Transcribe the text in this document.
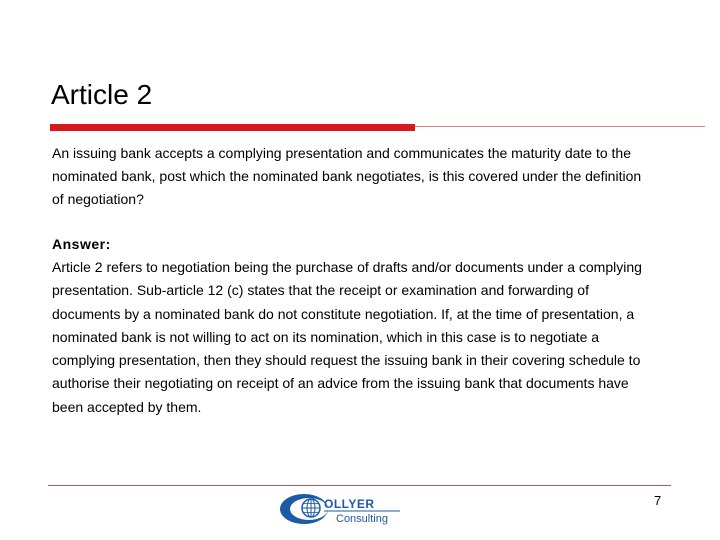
Article 2

An issuing bank accepts a complying presentation and communicates the maturity date to the nominated bank, post which the nominated bank negotiates, is this covered under the definition of negotiation?

Answer:

Article 2 refers to negotiation being the purchase of drafts and/or documents under a complying presentation. Sub-article 12 (c) states that the receipt or examination and forwarding of documents by a nominated bank do not constitute negotiation. If, at the time of presentation, a nominated bank is not willing to act on its nomination, which in this case is to negotiate a complying presentation, then they should request the issuing bank in their covering schedule to authorise their negotiating on receipt of an advice from the issuing bank that documents have been accepted by them.

OLLYER
Consulting
7
